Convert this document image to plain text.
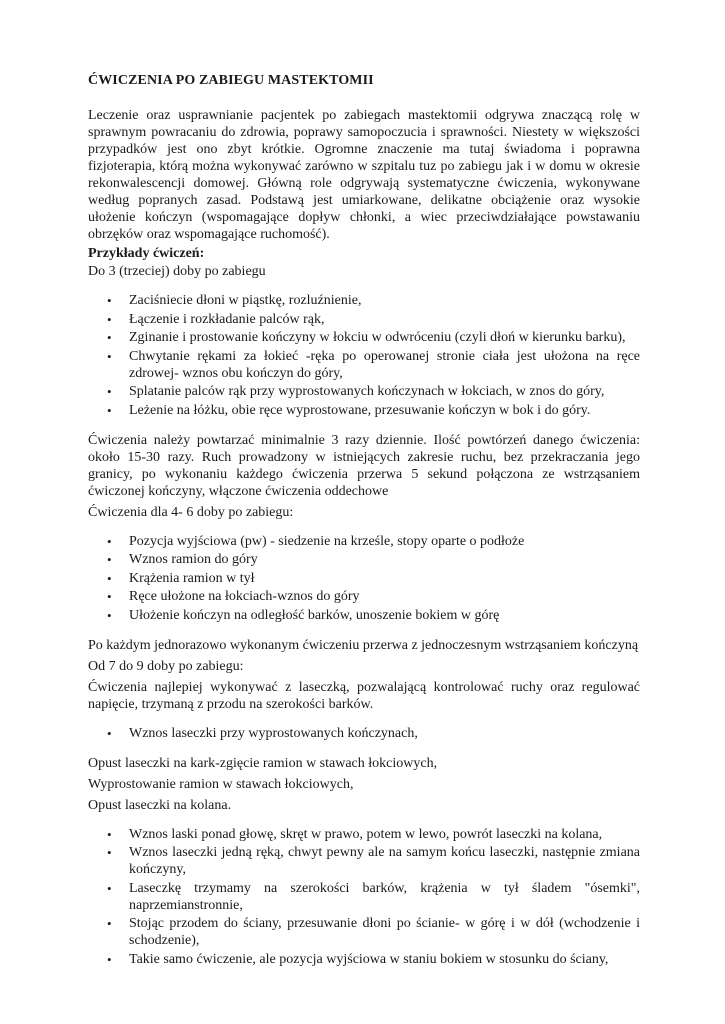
ĆWICZENIA PO ZABIEGU MASTEKTOMII

Leczenie oraz usprawnianie pacjentek po zabiegach mastektomii odgrywa znaczącą rolę w sprawnym powracaniu do zdrowia, poprawy samopoczucia i sprawności. Niestety w większości przypadków jest ono zbyt krótkie. Ogromne znaczenie ma tutaj świadoma i poprawna fizjoterapia, którą można wykonywać zarówno w szpitalu tuz po zabiegu jak i w domu w okresie rekonwalescencji domowej. Główną role odgrywają systematyczne ćwiczenia, wykonywane według popranych zasad. Podstawą jest umiarkowane, delikatne obciążenie oraz wysokie ułożenie kończyn (wspomagające dopływ chłonki, a wiec przeciwdziałające powstawaniu obrzęków oraz wspomagające ruchomość).

Przykłady ćwiczeń:

Do 3 (trzeciej) doby po zabiegu

• Zaciśniecie dłoni w piąstkę, rozluźnienie,
• Łączenie i rozkładanie palców rąk,
• Zginanie i prostowanie kończyny w łokciu w odwróceniu (czyli dłoń w kierunku barku),
• Chwytanie rękami za łokieć -ręka po operowanej stronie ciała jest ułożona na ręce zdrowej- wznos obu kończyn do góry,
• Splatanie palców rąk przy wyprostowanych kończynach w łokciach, w znos do góry,
• Leżenie na łóżku, obie ręce wyprostowane, przesuwanie kończyn w bok i do góry.

Ćwiczenia należy powtarzać minimalnie 3 razy dziennie. Ilość powtórzeń danego ćwiczenia: około 15-30 razy. Ruch prowadzony w istniejących zakresie ruchu, bez przekraczania jego granicy, po wykonaniu każdego ćwiczenia przerwa 5 sekund połączona ze wstrząsaniem ćwiczonej kończyny, włączone ćwiczenia oddechowe

Ćwiczenia dla 4- 6 doby po zabiegu:

• Pozycja wyjściowa (pw) - siedzenie na krześle, stopy oparte o podłoże
• Wznos ramion do góry
• Krążenia ramion w tył
• Ręce ułożone na łokciach-wznos do góry
• Ułożenie kończyn na odległość barków, unoszenie bokiem w górę

Po każdym jednorazowo wykonanym ćwiczeniu przerwa z jednoczesnym wstrząsaniem kończyną

Od 7 do 9 doby po zabiegu:

Ćwiczenia najlepiej wykonywać z laseczką, pozwalającą kontrolować ruchy oraz regulować napięcie, trzymaną z przodu na szerokości barków.

• Wznos laseczki przy wyprostowanych kończynach,

Opust laseczki na kark-zgięcie ramion w stawach łokciowych,

Wyprostowanie ramion w stawach łokciowych,

Opust laseczki na kolana.

• Wznos laski ponad głowę, skręt w prawo, potem w lewo, powrót laseczki na kolana,
• Wznos laseczki jedną ręką, chwyt pewny ale na samym końcu laseczki, następnie zmiana kończyny,
• Laseczkę trzymamy na szerokości barków, krążenia w tył śladem "ósemki", naprzemianstronnie,
• Stojąc przodem do ściany, przesuwanie dłoni po ścianie- w górę i w dół (wchodzenie i schodzenie),
• Takie samo ćwiczenie, ale pozycja wyjściowa w staniu bokiem w stosunku do ściany,
